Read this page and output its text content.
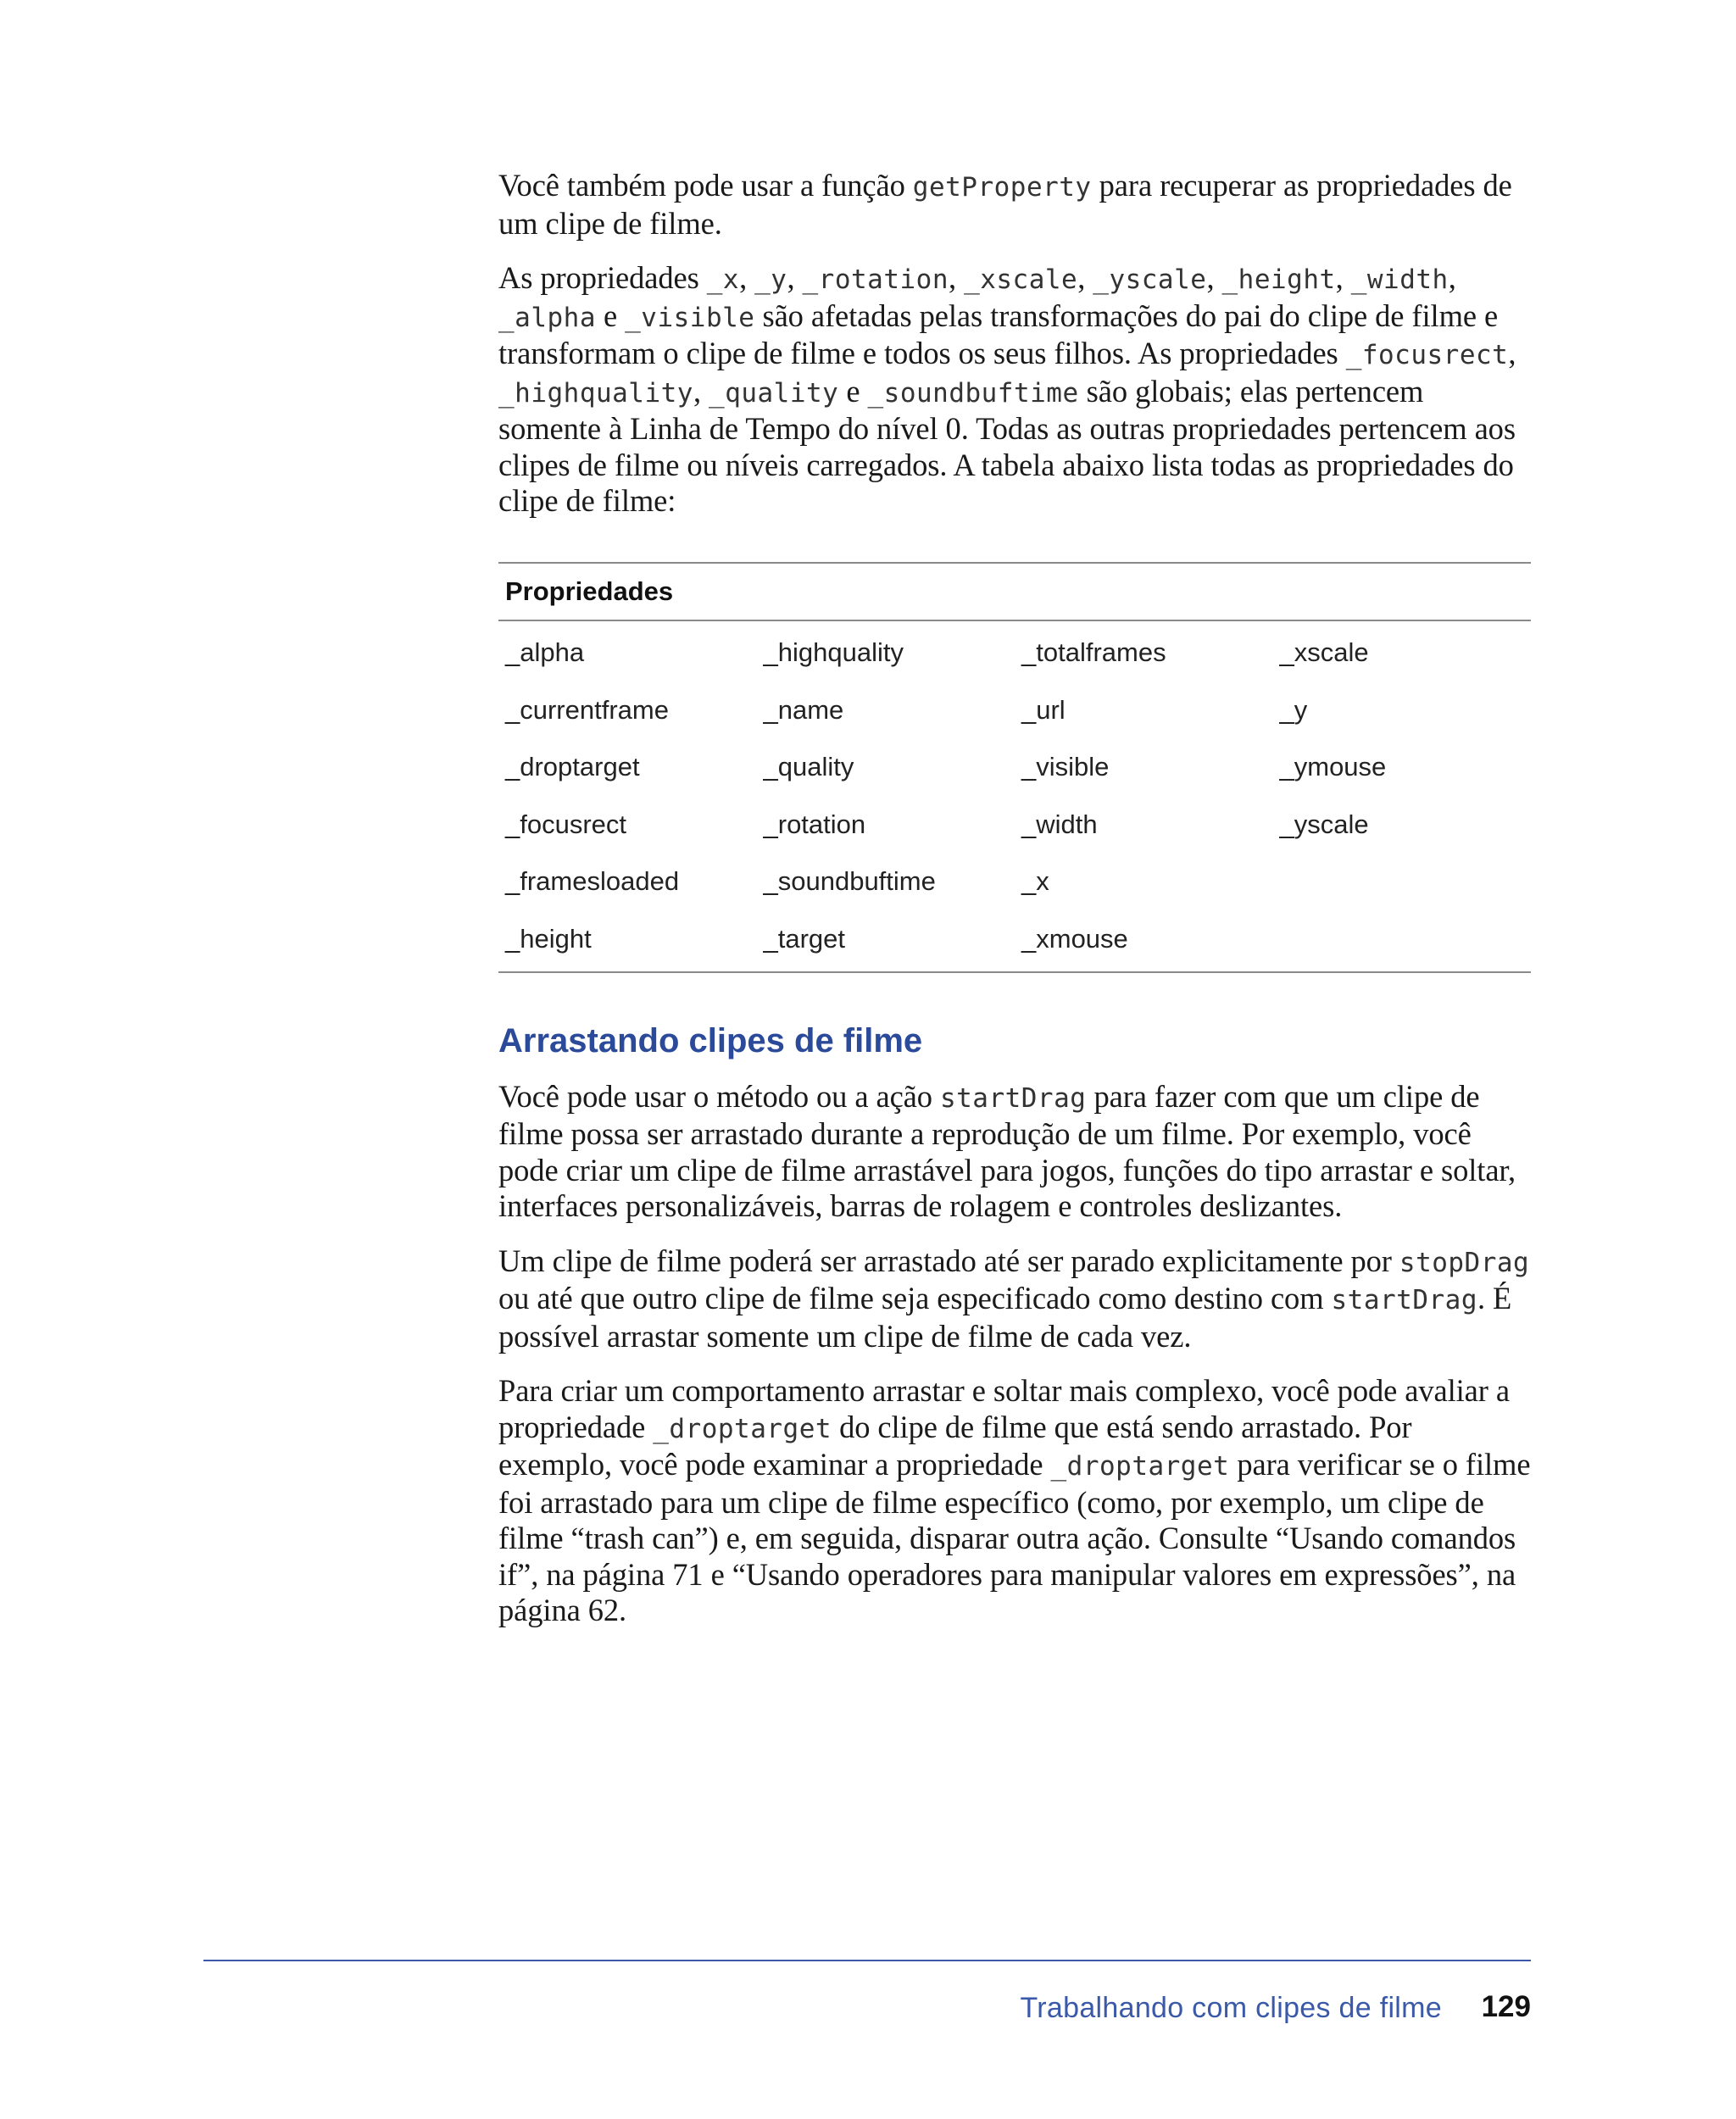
Você também pode usar a função getProperty para recuperar as propriedades de um clipe de filme.

As propriedades _x, _y, _rotation, _xscale, _yscale, _height, _width, _alpha e _visible são afetadas pelas transformações do pai do clipe de filme e transformam o clipe de filme e todos os seus filhos. As propriedades _focusrect, _highquality, _quality e _soundbuftime são globais; elas pertencem somente à Linha de Tempo do nível 0. Todas as outras propriedades pertencem aos clipes de filme ou níveis carregados. A tabela abaixo lista todas as propriedades do clipe de filme:

Propriedades
_alpha	_highquality	_totalframes	_xscale
_currentframe	_name	_url	_y
_droptarget	_quality	_visible	_ymouse
_focusrect	_rotation	_width	_yscale
_framesloaded	_soundbuftime	_x
_height	_target	_xmouse
Arrastando clipes de filme

Você pode usar o método ou a ação startDrag para fazer com que um clipe de filme possa ser arrastado durante a reprodução de um filme. Por exemplo, você pode criar um clipe de filme arrastável para jogos, funções do tipo arrastar e soltar, interfaces personalizáveis, barras de rolagem e controles deslizantes.

Um clipe de filme poderá ser arrastado até ser parado explicitamente por stopDrag ou até que outro clipe de filme seja especificado como destino com startDrag. É possível arrastar somente um clipe de filme de cada vez.

Para criar um comportamento arrastar e soltar mais complexo, você pode avaliar a propriedade _droptarget do clipe de filme que está sendo arrastado. Por exemplo, você pode examinar a propriedade _droptarget para verificar se o filme foi arrastado para um clipe de filme específico (como, por exemplo, um clipe de filme “trash can”) e, em seguida, disparar outra ação. Consulte “Usando comandos if”, na página 71 e “Usando operadores para manipular valores em expressões”, na página 62.

Trabalhando com clipes de filme 129
